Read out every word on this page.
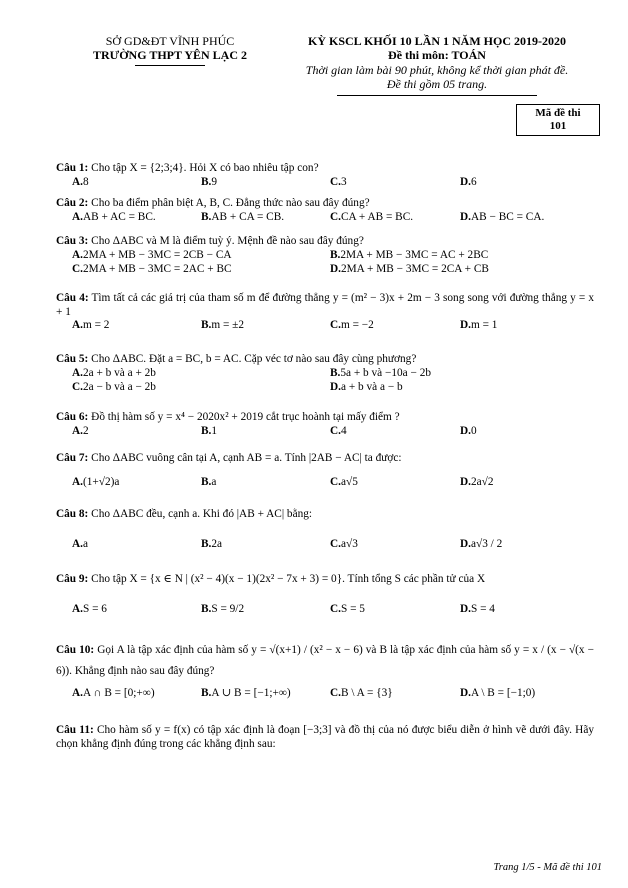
SỞ GD&ĐT VĨNH PHÚC
TRƯỜNG THPT YÊN LẠC 2
KỲ KSCL KHỐI 10 LẦN 1 NĂM HỌC 2019-2020
Đề thi môn: TOÁN
Thời gian làm bài 90 phút, không kể thời gian phát đề.
Đề thi gồm 05 trang.
Mã đề thi
101
Câu 1: Cho tập X = {2;3;4}. Hỏi X có bao nhiêu tập con?
A. 8	B. 9	C. 3	D. 6
Câu 2: Cho ba điểm phân biệt A, B, C. Đẳng thức nào sau đây đúng?
A. AB + AC = BC.	B. AB + CA = CB.	C. CA + AB = BC.	D. AB − BC = CA.
Câu 3: Cho ΔABC và M là điểm tuỳ ý. Mệnh đề nào sau đây đúng?
A. 2MA + MB − 3MC = 2CB − CA	B. 2MA + MB − 3MC = AC + 2BC
C. 2MA + MB − 3MC = 2AC + BC	D. 2MA + MB − 3MC = 2CA + CB
Câu 4: Tìm tất cả các giá trị của tham số m để đường thẳng y = (m² − 3)x + 2m − 3 song song với đường thẳng y = x + 1
A. m = 2	B. m = ±2	C. m = −2	D. m = 1
Câu 5: Cho ΔABC. Đặt a = BC, b = AC. Cặp véc tơ nào sau đây cùng phương?
A. 2a + b và a + 2b	B. 5a + b và −10a − 2b
C. 2a − b và a − 2b	D. a + b và a − b
Câu 6: Đồ thị hàm số y = x⁴ − 2020x² + 2019 cắt trục hoành tại mấy điểm ?
A. 2	B. 1	C. 4	D. 0
Câu 7: Cho ΔABC vuông cân tại A, cạnh AB = a. Tính |2AB − AC| ta được:
A. (1+√2)a	B. a	C. a√5	D. 2a√2
Câu 8: Cho ΔABC đều, cạnh a. Khi đó |AB + AC| bằng:
A. a	B. 2a	C. a√3	D. a√3 / 2
Câu 9: Cho tập X = {x ∈ N | (x² − 4)(x − 1)(2x² − 7x + 3) = 0}. Tính tổng S các phần tử của X
A. S = 6	B. S = 9/2	C. S = 5	D. S = 4
Câu 10: Gọi A là tập xác định của hàm số y = √(x+1) / (x² − x − 6) và B là tập xác định của hàm số y = x / (x − √(x − 6)). Khẳng định nào sau đây đúng?
A. A ∩ B = [0;+∞)	B. A ∪ B = [−1;+∞)	C. B \ A = {3}	D. A \ B = [−1;0)
Câu 11: Cho hàm số y = f(x) có tập xác định là đoạn [−3;3] và đồ thị của nó được biểu diễn ở hình vẽ dưới đây. Hãy chọn khẳng định đúng trong các khẳng định sau:
Trang 1/5 - Mã đề thi 101
